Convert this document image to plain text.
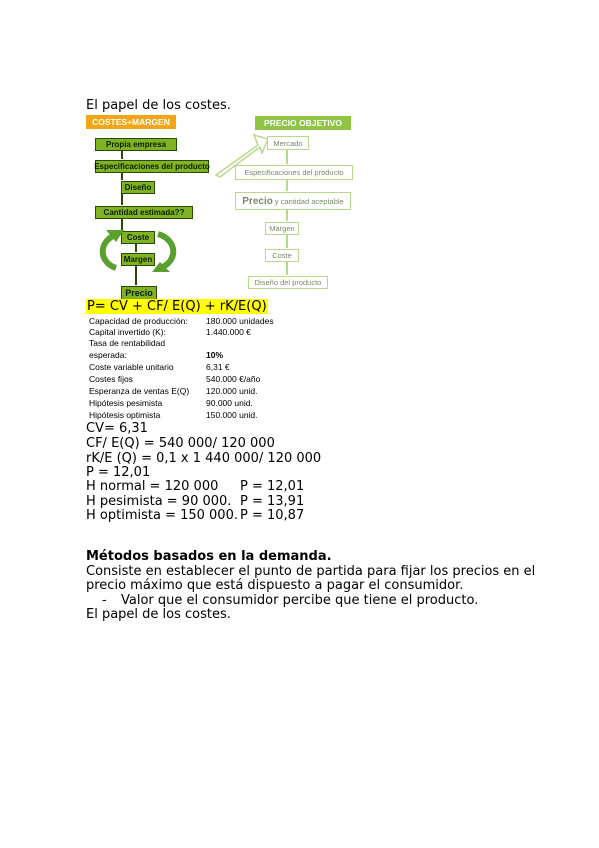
El papel de los costes.
COSTES+MARGEN
Propia empresa
Especificaciones del producto
Diseño
Cantidad estimada??
Coste
Margen
Precio
PRECIO OBJETIVO
Mercado
Especificaciones del producto
Precio y cantidad aceptable
Margen
Coste
Diseño del producto
P= CV + CF/ E(Q) + rK/E(Q)
Capacidad de producción: 180.000 unidades
Capital invertido (K):	1.440.000 €
Tasa de rentabilidad
esperada:	10%
Coste variable unitario	6,31 €
Costes fijos	540.000 €/año
Esperanza de ventas E(Q) 120.000 unid.
Hipótesis pesimista	90.000 unid.
Hipótesis optimista	150.000 unid.
CV= 6,31
CF/ E(Q) = 540 000/ 120 000
rK/E (Q) = 0,1 x 1 440 000/ 120 000
P = 12,01
H normal = 120 000 P = 12,01
H pesimista = 90 000. P = 13,91
H optimista = 150 000. P = 10,87
Métodos basados en la demanda.
Consiste en establecer el punto de partida para fijar los precios en el
precio máximo que está dispuesto a pagar el consumidor.
- Valor que el consumidor percibe que tiene el producto.
El papel de los costes.
